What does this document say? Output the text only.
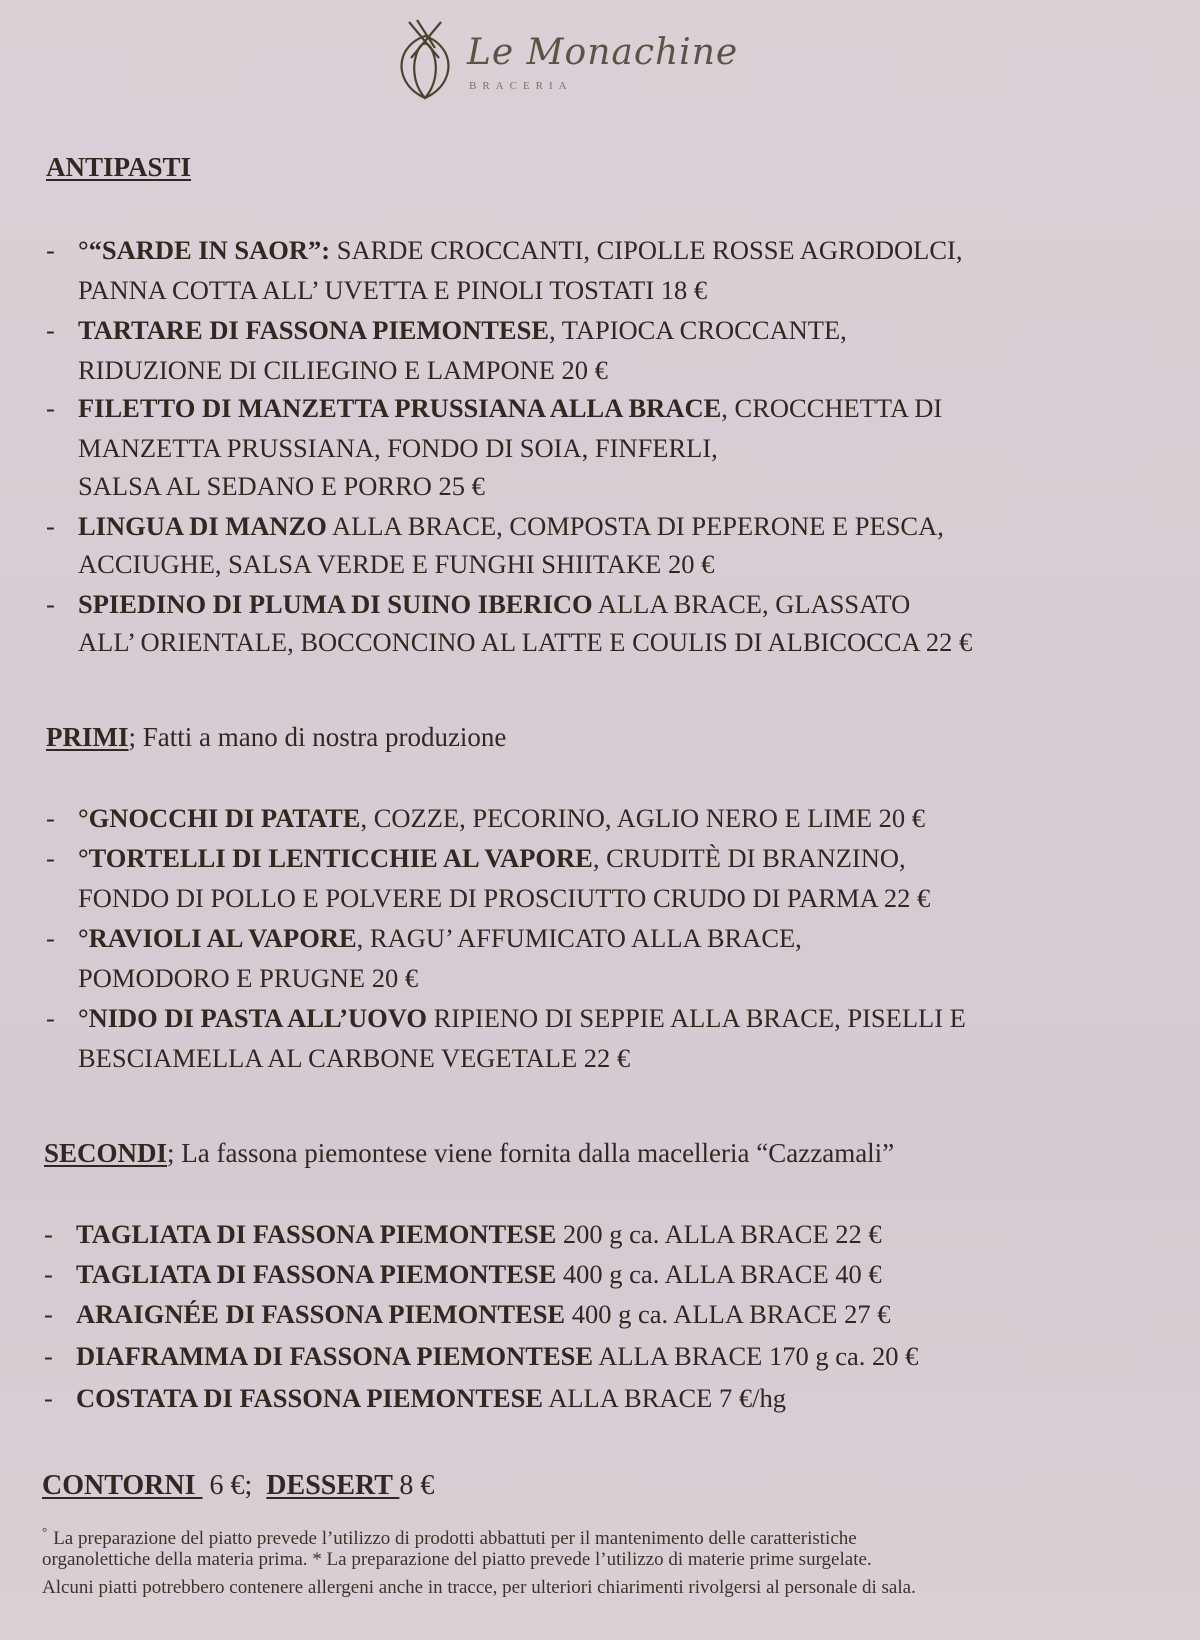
Le Monachine
BRACERIA
ANTIPASTI
- °“SARDE IN SAOR”: SARDE CROCCANTI, CIPOLLE ROSSE AGRODOLCI,
PANNA COTTA ALL’ UVETTA E PINOLI TOSTATI 18 €
- TARTARE DI FASSONA PIEMONTESE, TAPIOCA CROCCANTE,
RIDUZIONE DI CILIEGINO E LAMPONE 20 €
- FILETTO DI MANZETTA PRUSSIANA ALLA BRACE, CROCCHETTA DI
MANZETTA PRUSSIANA, FONDO DI SOIA, FINFERLI,
SALSA AL SEDANO E PORRO 25 €
- LINGUA DI MANZO ALLA BRACE, COMPOSTA DI PEPERONE E PESCA,
ACCIUGHE, SALSA VERDE E FUNGHI SHIITAKE 20 €
- SPIEDINO DI PLUMA DI SUINO IBERICO ALLA BRACE, GLASSATO
ALL’ ORIENTALE, BOCCONCINO AL LATTE E COULIS DI ALBICOCCA 22 €
PRIMI; Fatti a mano di nostra produzione
- °GNOCCHI DI PATATE, COZZE, PECORINO, AGLIO NERO E LIME 20 €
- °TORTELLI DI LENTICCHIE AL VAPORE, CRUDITÈ DI BRANZINO,
FONDO DI POLLO E POLVERE DI PROSCIUTTO CRUDO DI PARMA 22 €
- °RAVIOLI AL VAPORE, RAGU’ AFFUMICATO ALLA BRACE,
POMODORO E PRUGNE 20 €
- °NIDO DI PASTA ALL’UOVO RIPIENO DI SEPPIE ALLA BRACE, PISELLI E
BESCIAMELLA AL CARBONE VEGETALE 22 €
SECONDI; La fassona piemontese viene fornita dalla macelleria “Cazzamali”
- TAGLIATA DI FASSONA PIEMONTESE 200 g ca. ALLA BRACE 22 €
- TAGLIATA DI FASSONA PIEMONTESE 400 g ca. ALLA BRACE 40 €
- ARAIGNÉE DI FASSONA PIEMONTESE 400 g ca. ALLA BRACE 27 €
- DIAFRAMMA DI FASSONA PIEMONTESE ALLA BRACE 170 g ca. 20 €
- COSTATA DI FASSONA PIEMONTESE ALLA BRACE 7 €/hg
CONTORNI  6 €;  DESSERT 8 €
° La preparazione del piatto prevede l’utilizzo di prodotti abbattuti per il mantenimento delle caratteristiche
organolettiche della materia prima. * La preparazione del piatto prevede l’utilizzo di materie prime surgelate.
Alcuni piatti potrebbero contenere allergeni anche in tracce, per ulteriori chiarimenti rivolgersi al personale di sala.
